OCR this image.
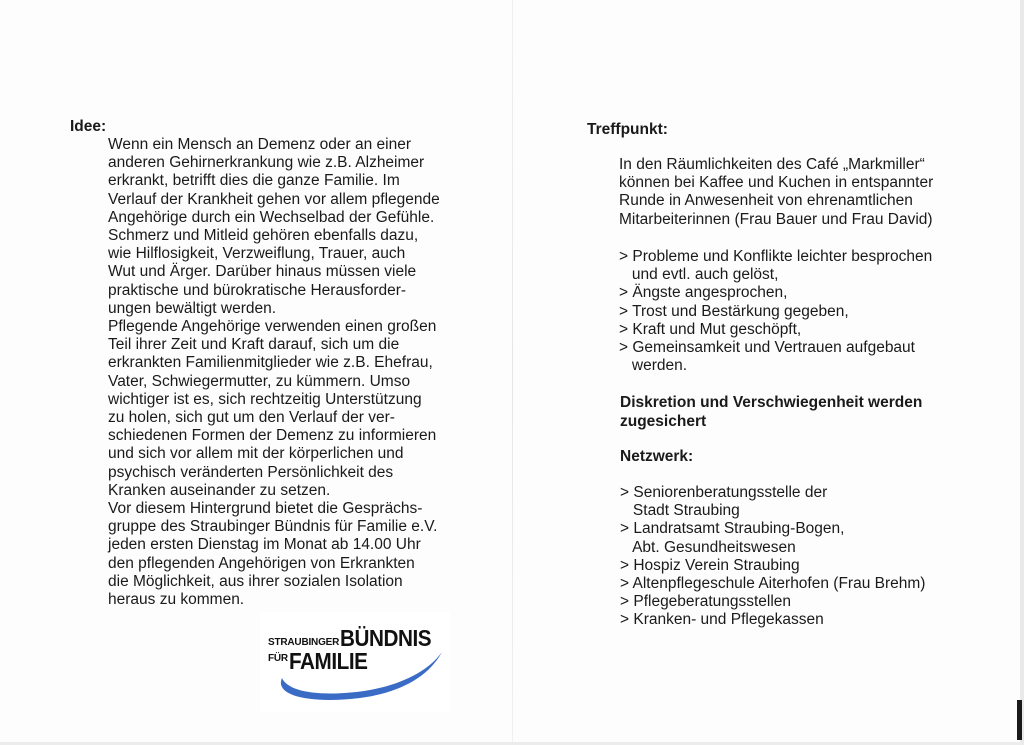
Idee:
Wenn ein Mensch an Demenz oder an einer
anderen Gehirnerkrankung wie z.B. Alzheimer
erkrankt, betrifft dies die ganze Familie. Im
Verlauf der Krankheit gehen vor allem pflegende
Angehörige durch ein Wechselbad der Gefühle.
Schmerz und Mitleid gehören ebenfalls dazu,
wie Hilflosigkeit, Verzweiflung, Trauer, auch
Wut und Ärger. Darüber hinaus müssen viele
praktische und bürokratische Herausforder-
ungen bewältigt werden.
Pflegende Angehörige verwenden einen großen
Teil ihrer Zeit und Kraft darauf, sich um die
erkrankten Familienmitglieder wie z.B. Ehefrau,
Vater, Schwiegermutter, zu kümmern. Umso
wichtiger ist es, sich rechtzeitig Unterstützung
zu holen, sich gut um den Verlauf der ver-
schiedenen Formen der Demenz zu informieren
und sich vor allem mit der körperlichen und
psychisch veränderten Persönlichkeit des
Kranken auseinander zu setzen.
Vor diesem Hintergrund bietet die Gesprächs-
gruppe des Straubinger Bündnis für Familie e.V.
jeden ersten Dienstag im Monat ab 14.00 Uhr
den pflegenden Angehörigen von Erkrankten
die Möglichkeit, aus ihrer sozialen Isolation
heraus zu kommen.
STRAUBINGER BÜNDNIS
FÜR FAMILIE
Treffpunkt:
In den Räumlichkeiten des Café „Markmiller“
können bei Kaffee und Kuchen in entspannter
Runde in Anwesenheit von ehrenamtlichen
Mitarbeiterinnen (Frau Bauer und Frau David)
> Probleme und Konflikte leichter besprochen
und evtl. auch gelöst,
> Ängste angesprochen,
> Trost und Bestärkung gegeben,
> Kraft und Mut geschöpft,
> Gemeinsamkeit und Vertrauen aufgebaut
werden.
Diskretion und Verschwiegenheit werden
zugesichert
Netzwerk:
> Seniorenberatungsstelle der
Stadt Straubing
> Landratsamt Straubing-Bogen,
Abt. Gesundheitswesen
> Hospiz Verein Straubing
> Altenpflegeschule Aiterhofen (Frau Brehm)
> Pflegeberatungsstellen
> Kranken- und Pflegekassen
